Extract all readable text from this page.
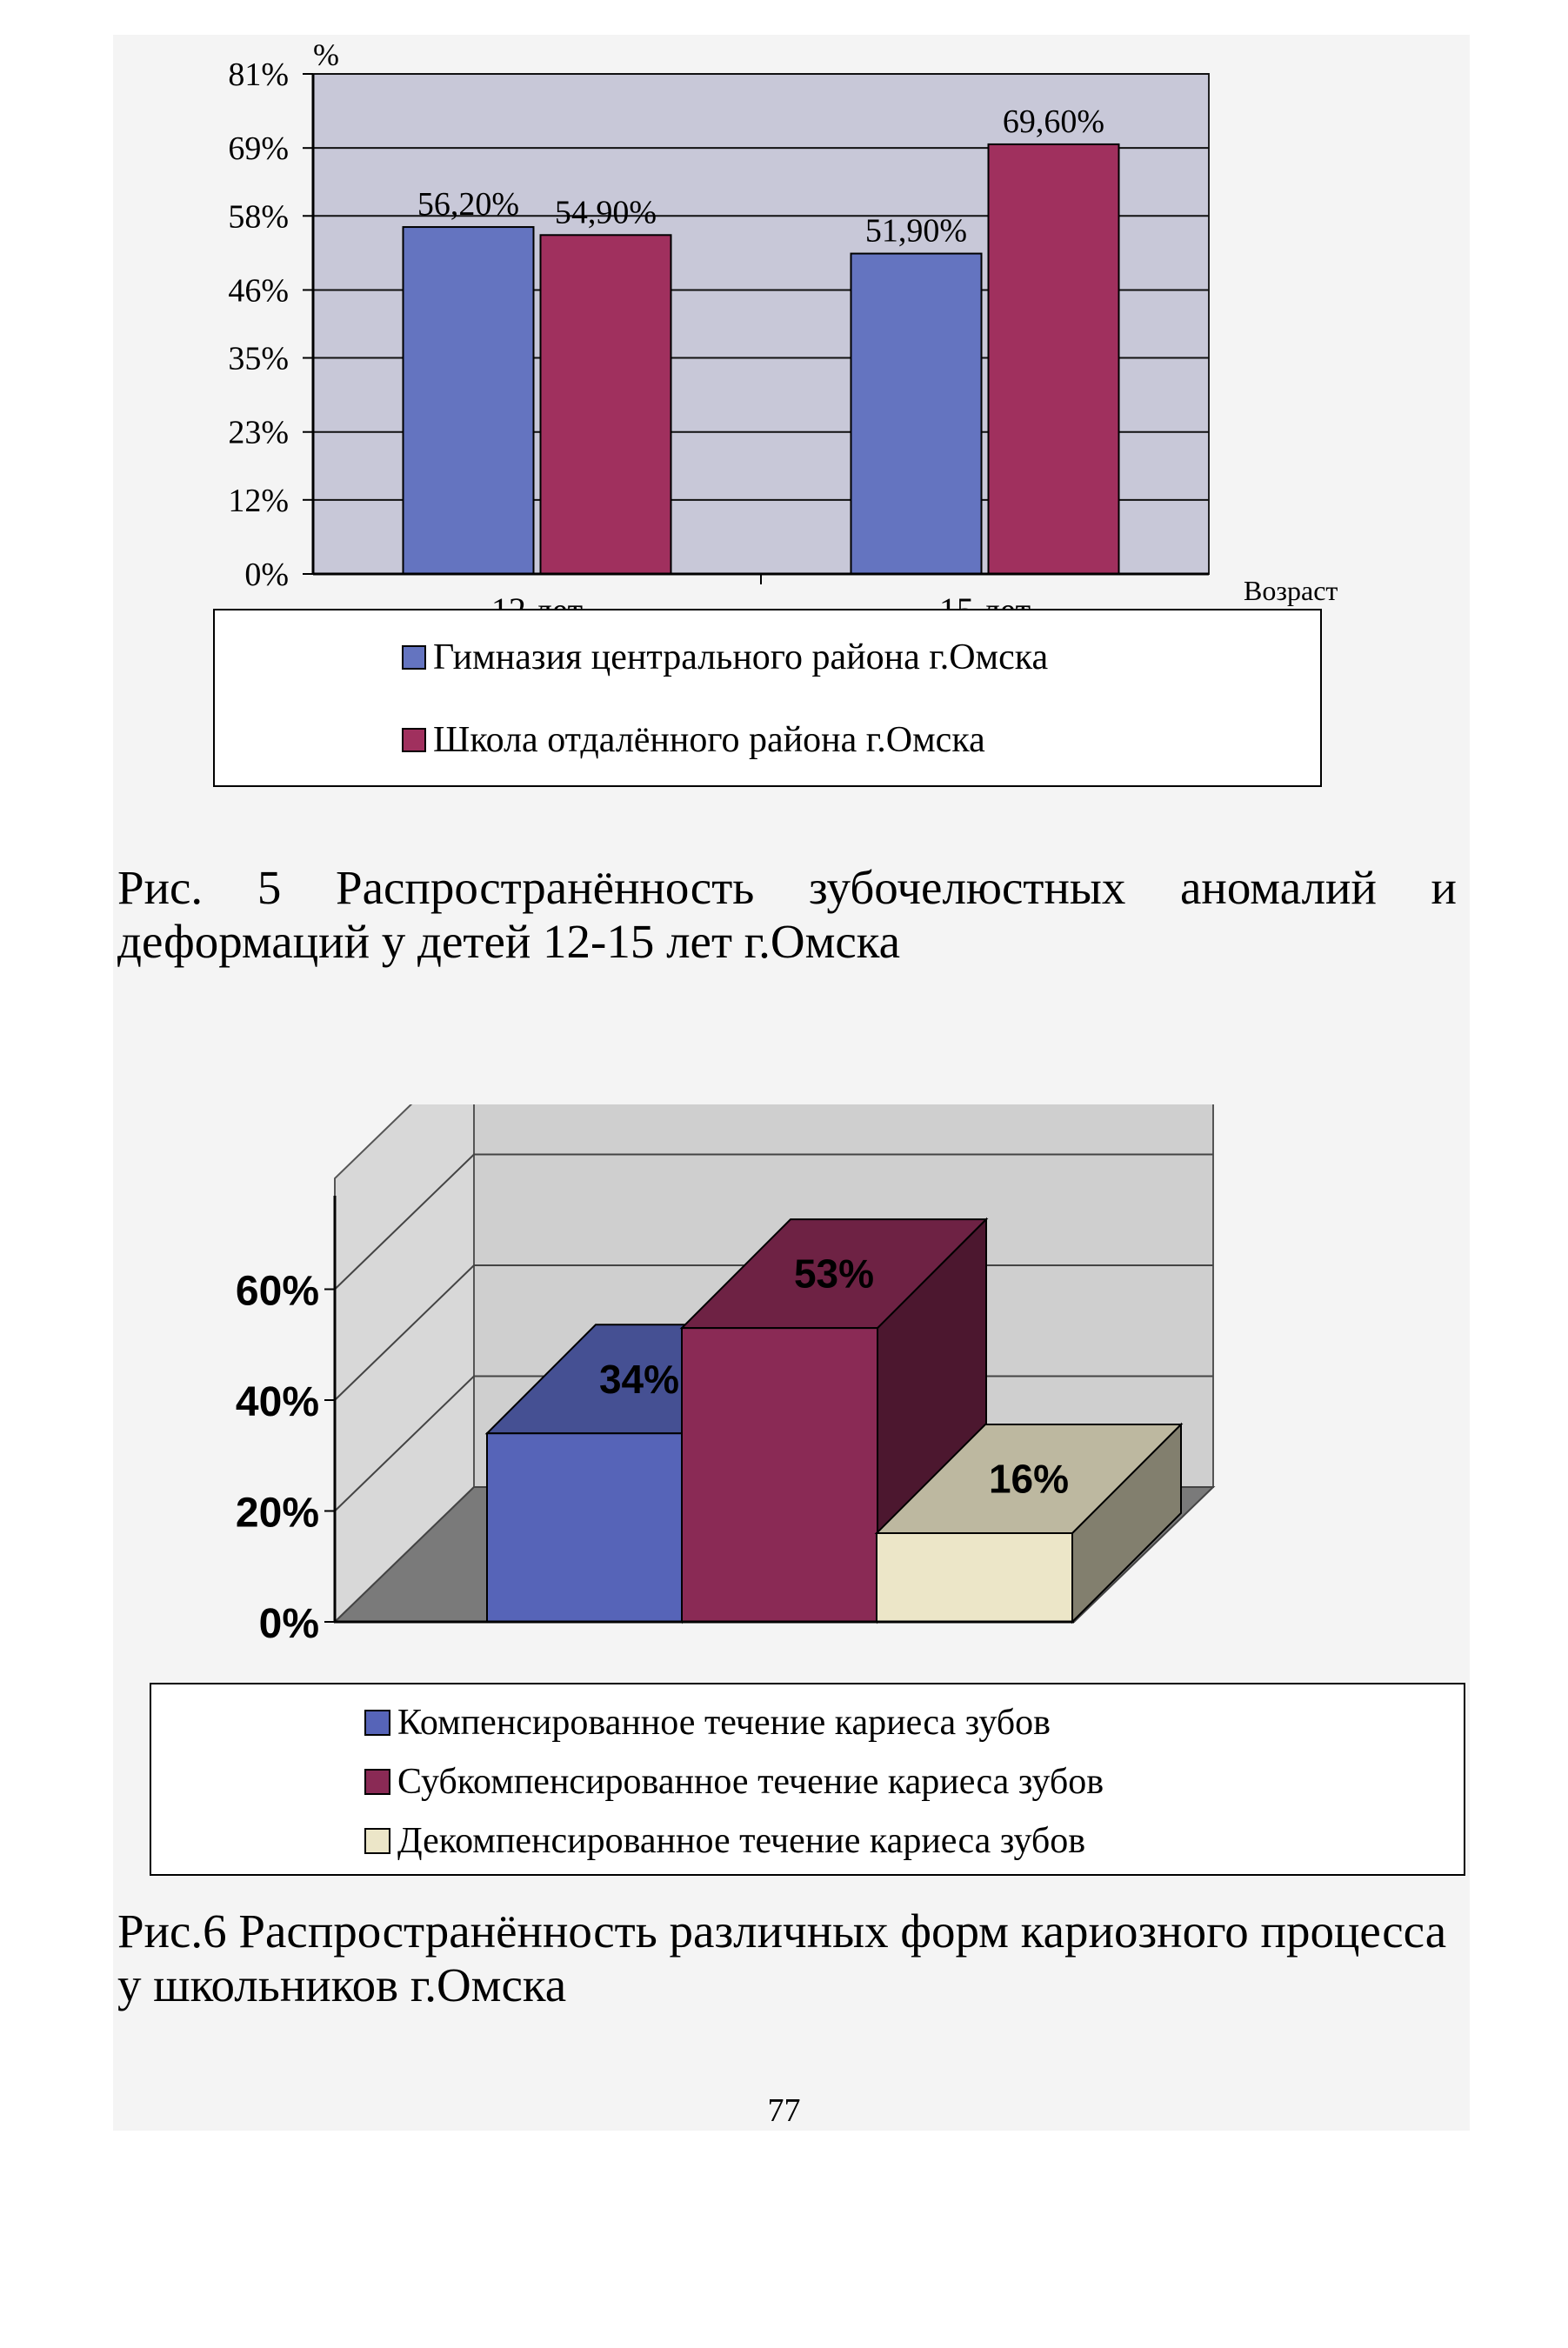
0%
12%
23%
35%
46%
58%
69%
81%
56,20% 54,90%
51,90%
69,60%
%
Возраст
Гимназия центрального района г.Омска
Школа отдалённого района г.Омска
Рис. 5 Распространённость зубочелюстных аномалий и деформаций у детей 12-15 лет г.Омска
0%
20%
40%
60%
34%
53%
16%
Компенсированное течение кариеса зубов
Субкомпенсированное течение кариеса зубов
Декомпенсированное течение кариеса зубов
Рис.6 Распространённость различных форм кариозного процесса у школьников г.Омска
77
